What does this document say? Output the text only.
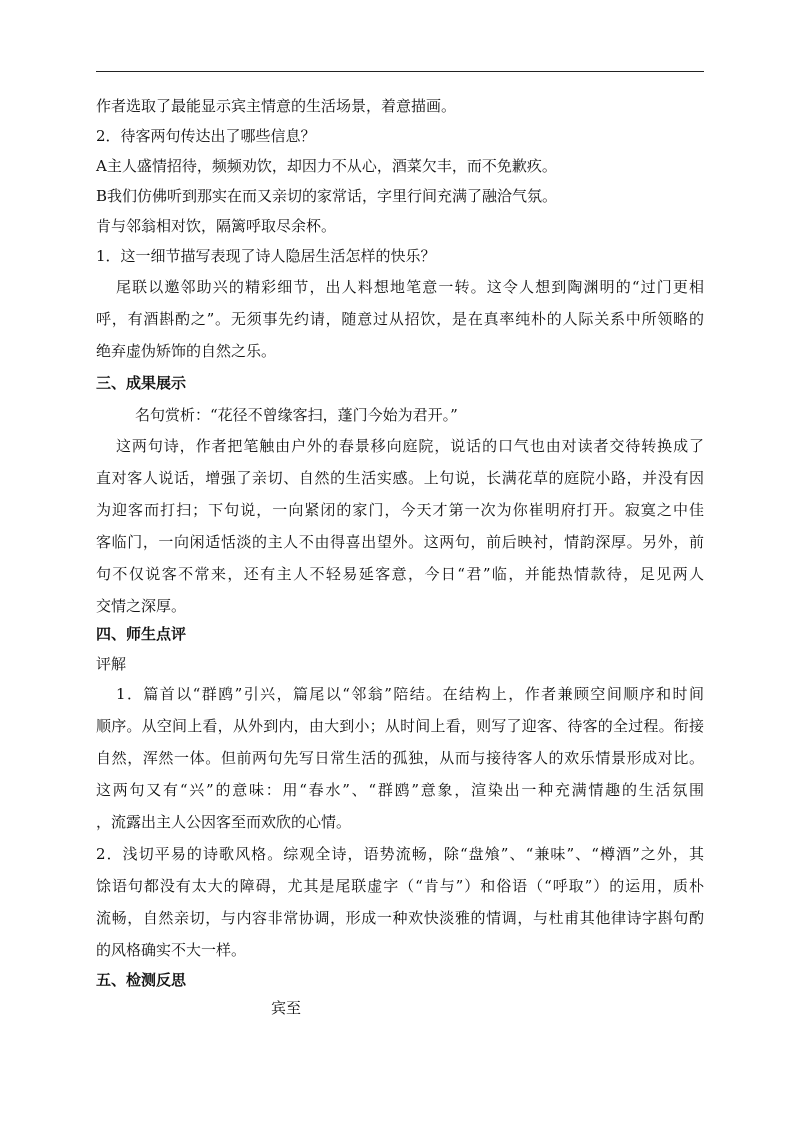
作者选取了最能显示宾主情意的生活场景，着意描画。
2．待客两句传达出了哪些信息？
A主人盛情招待，频频劝饮，却因力不从心，酒菜欠丰，而不免歉疚。
B我们仿佛听到那实在而又亲切的家常话，字里行间充满了融洽气氛。
肯与邻翁相对饮，隔篱呼取尽余杯。
1．这一细节描写表现了诗人隐居生活怎样的快乐？
尾联以邀邻助兴的精彩细节，出人料想地笔意一转。这令人想到陶渊明的“过门更相
呼，有酒斟酌之”。无须事先约请，随意过从招饮，是在真率纯朴的人际关系中所领略的
绝弃虚伪矫饰的自然之乐。
三、成果展示
名句赏析：“花径不曾缘客扫，蓬门今始为君开。”
这两句诗，作者把笔触由户外的春景移向庭院，说话的口气也由对读者交待转换成了
直对客人说话，增强了亲切、自然的生活实感。上句说，长满花草的庭院小路，并没有因
为迎客而打扫；下句说，一向紧闭的家门，今天才第一次为你崔明府打开。寂寞之中佳
客临门，一向闲适恬淡的主人不由得喜出望外。这两句，前后映衬，情韵深厚。另外，前
句不仅说客不常来，还有主人不轻易延客意，今日“君”临，并能热情款待，足见两人
交情之深厚。
四、师生点评
评解
1．篇首以“群鸥”引兴，篇尾以“邻翁”陪结。在结构上，作者兼顾空间顺序和时间
顺序。从空间上看，从外到内，由大到小；从时间上看，则写了迎客、待客的全过程。衔接
自然，浑然一体。但前两句先写日常生活的孤独，从而与接待客人的欢乐情景形成对比。
这两句又有“兴”的意味：用“春水”、“群鸥”意象，渲染出一种充满情趣的生活氛围
，流露出主人公因客至而欢欣的心情。
2．浅切平易的诗歌风格。综观全诗，语势流畅，除“盘飧”、“兼味”、“樽酒”之外，其
馀语句都没有太大的障碍，尤其是尾联虚字（“肯与”）和俗语（“呼取”）的运用，质朴
流畅，自然亲切，与内容非常协调，形成一种欢快淡雅的情调，与杜甫其他律诗字斟句酌
的风格确实不大一样。
五、检测反思
宾至
